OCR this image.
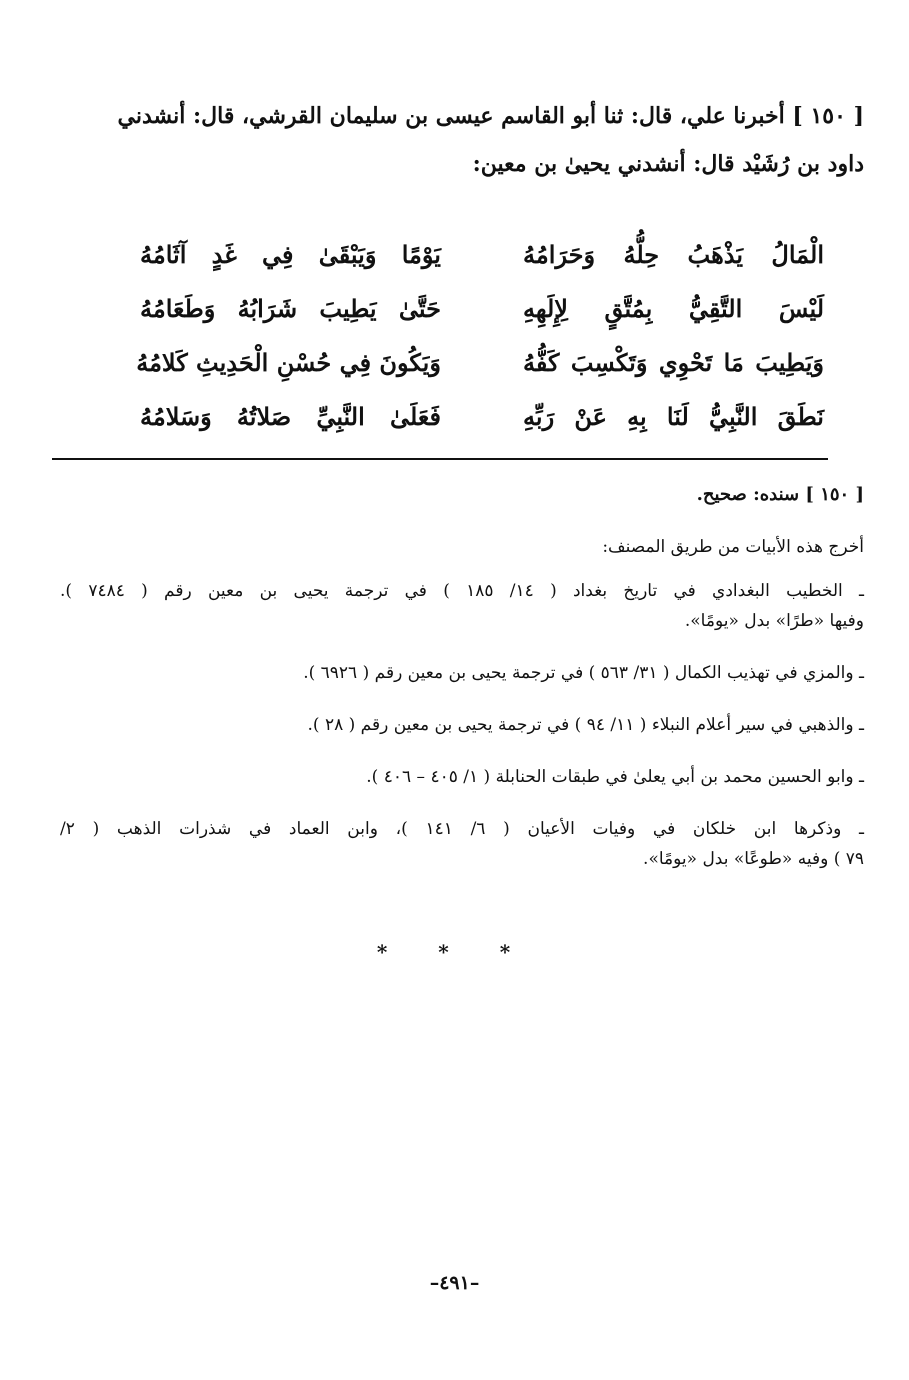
[ ١٥٠ ] أخبرنا علي، قال: ثنا أبو القاسم عيسى بن سليمان القرشي، قال: أنشدني
داود بن رُشَيْد قال: أنشدني يحيىٰ بن معين:
الْمَالُ يَذْهَبُ حِلُّهُ وَحَرَامُهُ
يَوْمًا وَيَبْقَىٰ فِي غَدٍ آثَامُهُ
لَيْسَ التَّقِيُّ بِمُتَّقٍ لِإِلَهِهِ
حَتَّىٰ يَطِيبَ شَرَابُهُ وَطَعَامُهُ
وَيَطِيبَ مَا تَحْوِي وَتَكْسِبَ كَفُّهُ
وَيَكُونَ فِي حُسْنِ الْحَدِيثِ كَلامُهُ
نَطَقَ النَّبِيُّ لَنَا بِهِ عَنْ رَبِّهِ
فَعَلَىٰ النَّبِيِّ صَلاتُهُ وَسَلامُهُ

[ ١٥٠ ] سنده: صحيح.

أخرج هذه الأبيات من طريق المصنف:

ـ الخطيب البغدادي في تاريخ بغداد ( ١٤/ ١٨٥ ) في ترجمة يحيى بن معين رقم ( ٧٤٨٤ ).
وفيها «طرًا» بدل «يومًا».

ـ والمزي في تهذيب الكمال ( ٣١/ ٥٦٣ ) في ترجمة يحيى بن معين رقم ( ٦٩٢٦ ).

ـ والذهبي في سير أعلام النبلاء ( ١١/ ٩٤ ) في ترجمة يحيى بن معين رقم ( ٢٨ ).

ـ وابو الحسين محمد بن أبي يعلىٰ في طبقات الحنابلة ( ١/ ٤٠٥ – ٤٠٦ ).

ـ وذكرها ابن خلكان في وفيات الأعيان ( ٦/ ١٤١ )، وابن العماد في شذرات الذهب ( ٢/
٧٩ ) وفيه «طوعًا» بدل «يومًا».

* * *
–٤٩١–
